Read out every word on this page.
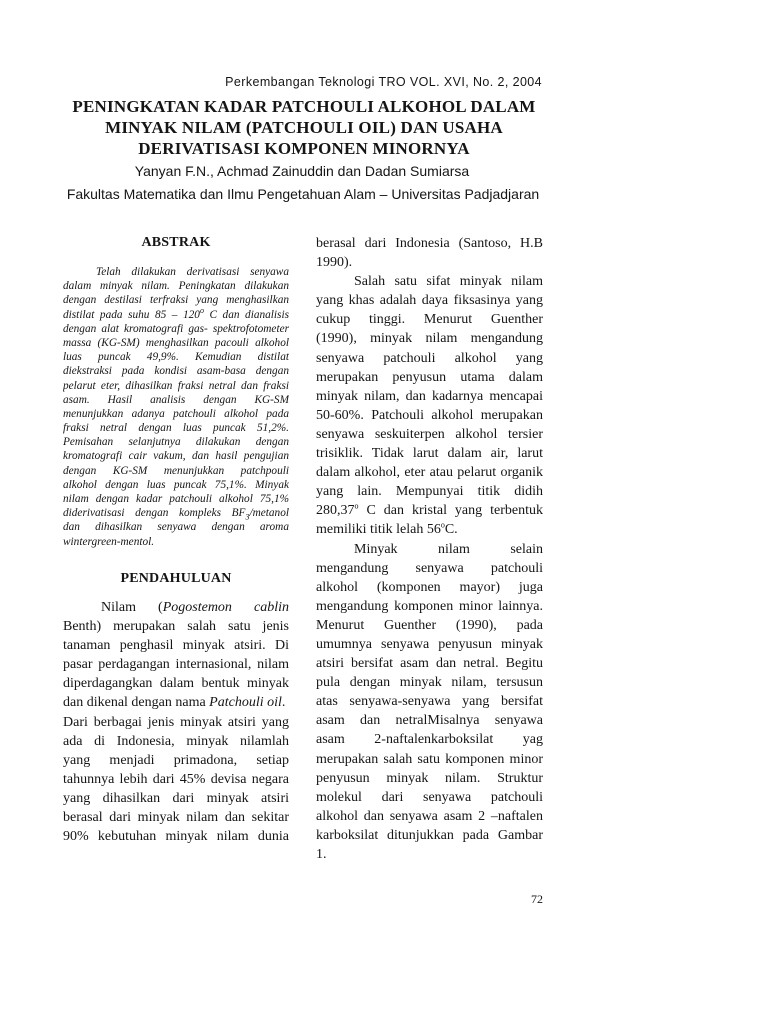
Perkembangan Teknologi TRO VOL. XVI, No. 2, 2004
PENINGKATAN KADAR PATCHOULI ALKOHOL DALAM
MINYAK NILAM (PATCHOULI OIL) DAN USAHA
DERIVATISASI KOMPONEN MINORNYA
Yanyan F.N., Achmad Zainuddin dan Dadan Sumiarsa
Fakultas Matematika dan Ilmu Pengetahuan Alam – Universitas Padjadjaran
ABSTRAK
Telah dilakukan derivatisasi senyawa
dalam minyak nilam. Peningkatan dilakukan
dengan destilasi terfraksi yang menghasilkan
distilat pada suhu 85 – 120$^o$ C dan dianalisis
dengan alat kromatografi gas- spektrofotometer
massa (KG-SM) menghasilkan pacouli alkohol
luas puncak 49,9%. Kemudian distilat
diekstraksi pada kondisi asam-basa dengan
pelarut eter, dihasilkan fraksi netral dan fraksi
asam. Hasil analisis dengan KG-SM
menunjukkan adanya patchouli alkohol pada
fraksi netral dengan luas puncak 51,2%.
Pemisahan selanjutnya dilakukan dengan
kromatografi cair vakum, dan hasil pengujian
dengan KG-SM menunjukkan patchpouli
alkohol dengan luas puncak 75,1%. Minyak
nilam dengan kadar patchouli alkohol 75,1%
diderivatisasi dengan kompleks $BF_3$/metanol
dan dihasilkan senyawa dengan aroma
wintergreen-mentol.
PENDAHULUAN
Nilam (Pogostemon cablin
Benth) merupakan salah satu jenis
tanaman penghasil minyak atsiri. Di
pasar perdagangan internasional, nilam
diperdagangkan dalam bentuk minyak
dan dikenal dengan nama Patchouli oil.
Dari berbagai jenis minyak atsiri yang
ada di Indonesia, minyak nilamlah
yang menjadi primadona, setiap
tahunnya lebih dari 45% devisa negara
yang dihasilkan dari minyak atsiri
berasal dari minyak nilam dan sekitar
90% kebutuhan minyak nilam dunia
berasal dari Indonesia (Santoso, H.B
1990).
Salah satu sifat minyak nilam
yang khas adalah daya fiksasinya yang
cukup tinggi. Menurut Guenther
(1990), minyak nilam mengandung
senyawa patchouli alkohol yang
merupakan penyusun utama dalam
minyak nilam, dan kadarnya mencapai
50-60%. Patchouli alkohol merupakan
senyawa seskuiterpen alkohol tersier
trisiklik. Tidak larut dalam air, larut
dalam alkohol, eter atau pelarut organik
yang lain. Mempunyai titik didih
280,37$^o$ C dan kristal yang terbentuk
memiliki titik lelah 56$^o$C.
Minyak nilam selain
mengandung senyawa patchouli
alkohol (komponen mayor) juga
mengandung komponen minor lainnya.
Menurut Guenther (1990), pada
umumnya senyawa penyusun minyak
atsiri bersifat asam dan netral. Begitu
pula dengan minyak nilam, tersusun
atas senyawa-senyawa yang bersifat
asam dan netralMisalnya senyawa
asam 2-naftalenkarboksilat yag
merupakan salah satu komponen minor
penyusun minyak nilam. Struktur
molekul dari senyawa patchouli
alkohol dan senyawa asam 2 –naftalen
karboksilat ditunjukkan pada Gambar
1.
72
